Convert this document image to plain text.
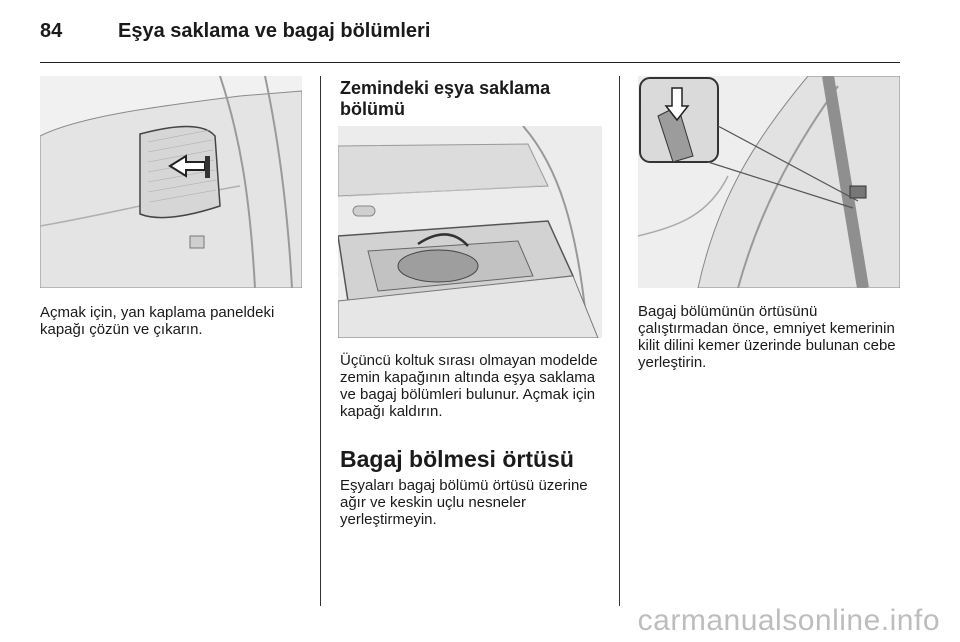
84	Eşya saklama ve bagaj bölümleri

Açmak için, yan kaplama paneldeki kapağı çözün ve çıkarın.

Zemindeki eşya saklama bölümü

Üçüncü koltuk sırası olmayan modelde zemin kapağının altında eşya saklama ve bagaj bölümleri bulunur. Açmak için kapağı kaldırın.

Bagaj bölmesi örtüsü

Eşyaları bagaj bölümü örtüsü üzerine ağır ve keskin uçlu nesneler yerleştirmeyin.

Bagaj bölümünün örtüsünü çalıştırmadan önce, emniyet kemerinin kilit dilini kemer üzerinde bulunan cebe yerleştirin.

carmanualsonline.info
